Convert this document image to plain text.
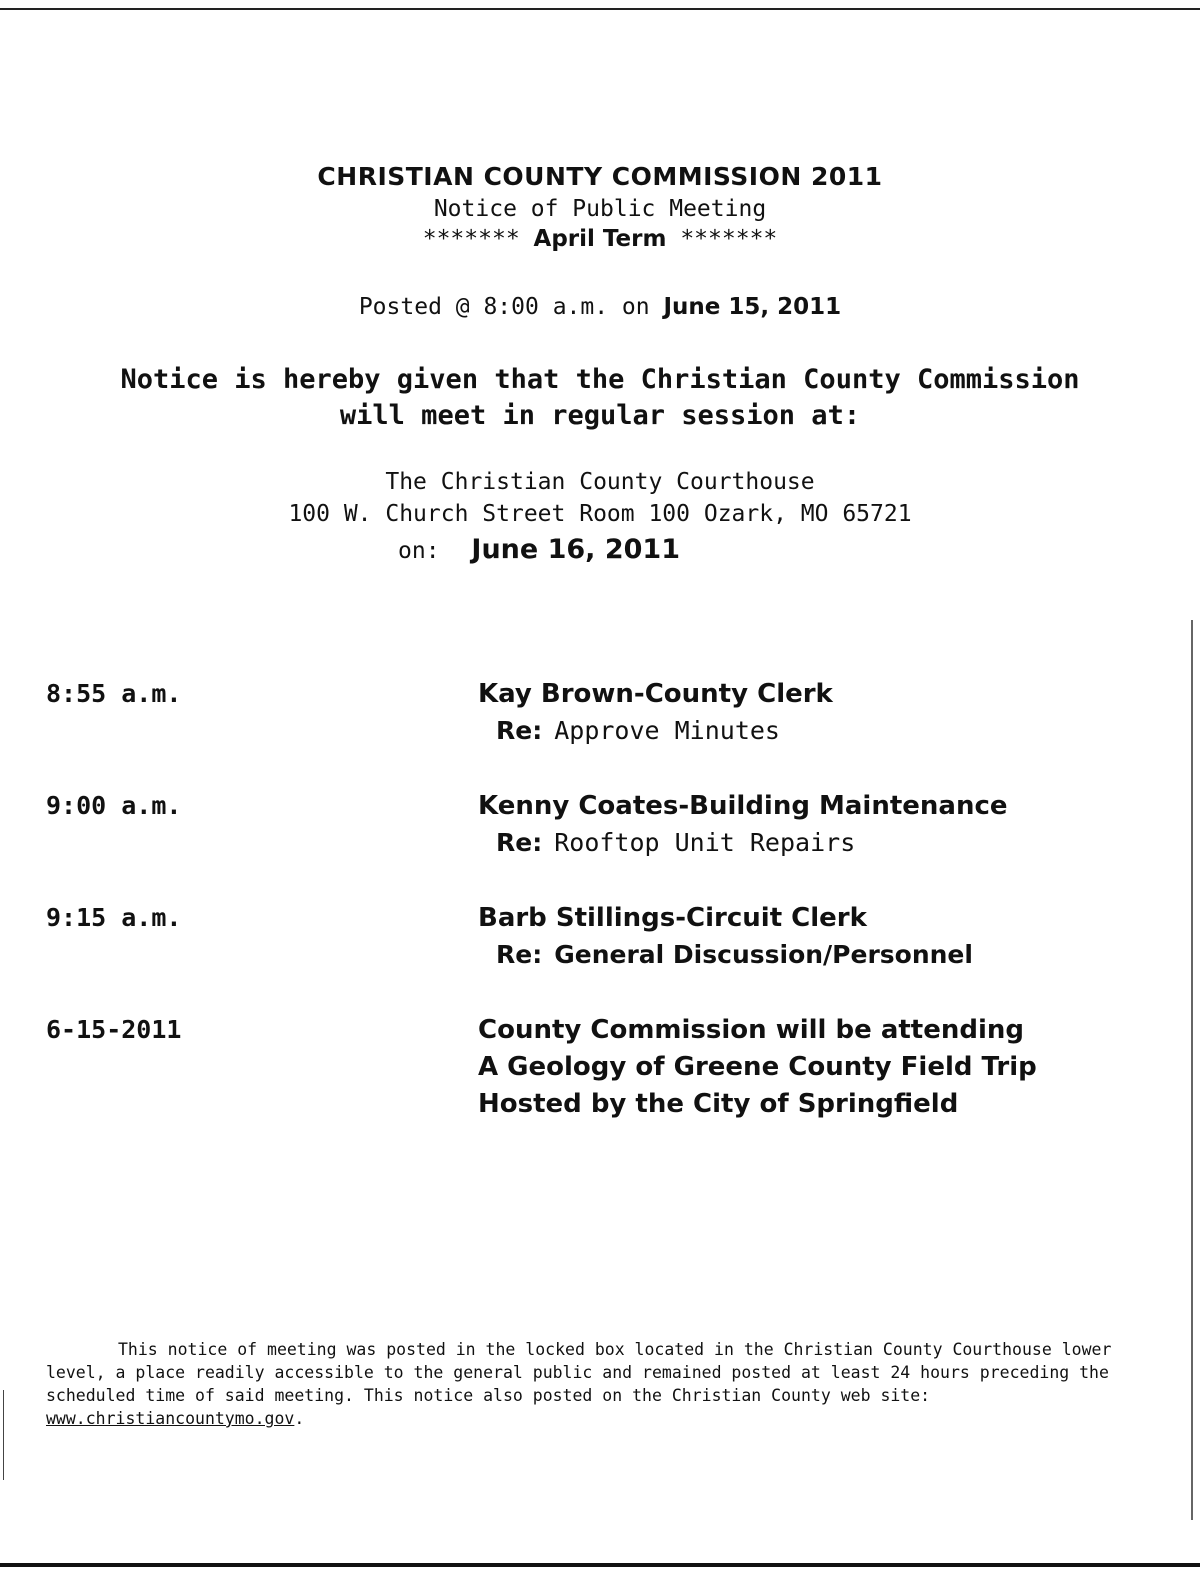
CHRISTIAN COUNTY COMMISSION 2011
Notice of Public Meeting
******* April Term *******
Posted @ 8:00 a.m. on June 15, 2011
Notice is hereby given that the Christian County Commission
will meet in regular session at:
The Christian County Courthouse
100 W. Church Street Room 100 Ozark, MO 65721
on: June 16, 2011
8:55 a.m.	Kay Brown-County Clerk
Re: Approve Minutes
9:00 a.m.	Kenny Coates-Building Maintenance
Re: Rooftop Unit Repairs
9:15 a.m.	Barb Stillings-Circuit Clerk
Re: General Discussion/Personnel
6-15-2011	County Commission will be attending
A Geology of Greene County Field Trip
Hosted by the City of Springfield

This notice of meeting was posted in the locked box located in the Christian County Courthouse lower level, a place readily accessible to the general public and remained posted at least 24 hours preceding the scheduled time of said meeting. This notice also posted on the Christian County web site: www.christiancountymo.gov.
